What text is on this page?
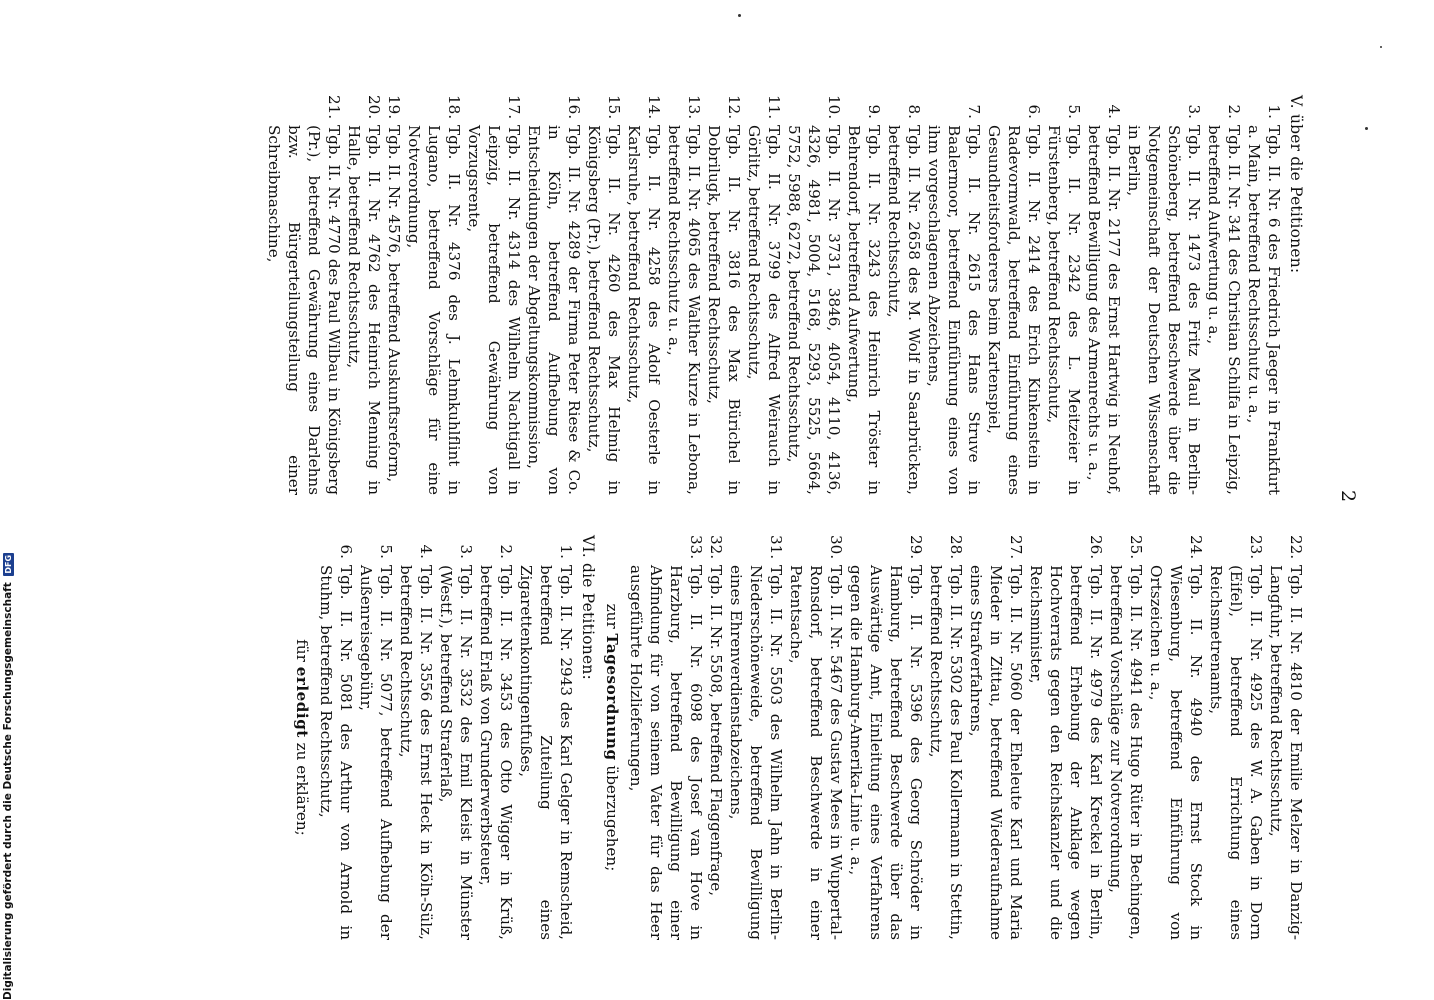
2
V. über die Petitionen:
1.
Tgb. II. Nr. 6 des Friedrich Jaeger in Frankfurt a. Main, betreffend Rechtsschutz u. a.,
2.
Tgb. II. Nr. 341 des Christian Schilfa in Leipzig, betreffend Aufwertung u. a.,
3.
Tgb. II. Nr. 1473 des Fritz Maul in Berlin-Schöneberg, betreffend Beschwerde über die Notgemeinschaft der Deutschen Wissenschaft in Berlin,
4.
Tgb. II. Nr. 2177 des Ernst Hartwig in Neuhof, betreffend Bewilligung des Armenrechts u. a.,
5.
Tgb. II. Nr. 2342 des L. Meitzeier in Fürstenberg, betreffend Rechtsschutz,
6.
Tgb. II. Nr. 2414 des Erich Kinkenstein in Radevormwald, betreffend Einführung eines Gesundheitsforderers beim Kartenspiel,
7.
Tgb. II. Nr. 2615 des Hans Struve in Baalermoor, betreffend Einführung eines von ihm vorgeschlagenen Abzeichens,
8.
Tgb. II. Nr. 2658 des M. Wolf in Saarbrücken, betreffend Rechtsschutz,
9.
Tgb. II. Nr. 3243 des Heinrich Tröster in Behrendorf, betreffend Aufwertung,
10.
Tgb. II. Nr. 3731, 3846, 4054, 4110, 4136, 4326, 4981, 5004, 5168, 5293, 5525, 5664, 5752, 5988, 6272, betreffend Rechtsschutz,
11.
Tgb. II. Nr. 3799 des Alfred Weirauch in Görlitz, betreffend Rechtsschutz,
12.
Tgb. II. Nr. 3816 des Max Bürichel in Dobrilugk, betreffend Rechtsschutz,
13.
Tgb. II. Nr. 4065 des Walther Kurze in Lebona, betreffend Rechtsschutz u. a.,
14.
Tgb. II. Nr. 4258 des Adolf Oesterle in Karlsruhe, betreffend Rechtsschutz,
15.
Tgb. II. Nr. 4260 des Max Helmig in Königsberg (Pr.), betreffend Rechtsschutz,
16.
Tgb. II. Nr. 4289 der Firma Peter Riese & Co. in Köln, betreffend Aufhebung von Entscheidungen der Abgeltungskommission,
17.
Tgb. II. Nr. 4314 des Wilhelm Nachtigall in Leipzig, betreffend Gewährung von Vorzugsrente,
18.
Tgb. II. Nr. 4376 des J. Lehmkuhlflint in Lugano, betreffend Vorschläge für eine Notverordnung,
19.
Tgb. II. Nr. 4576, betreffend Auskunftsreform,
20.
Tgb. II. Nr. 4762 des Heinrich Menning in Halle, betreffend Rechtsschutz,
21.
Tgb. II. Nr. 4770 des Paul Wilbau in Königsberg (Pr.), betreffend Gewährung eines Darlehns bzw. Bürgerteilungsteilung einer Schreibmaschine,
22.
Tgb. II. Nr. 4810 der Emilie Melzer in Danzig-Langfuhr, betreffend Rechtsschutz,
23.
Tgb. II. Nr. 4925 des W. A. Gaben in Dorn (Eifel), betreffend Errichtung eines Reichsmetrenamts,
24.
Tgb. II. Nr. 4940 des Ernst Stock in Wiesenburg, betreffend Einführung von Ortszeichen u. a.,
25.
Tgb. II. Nr. 4941 des Hugo Rüter in Bechingen, betreffend Vorschläge zur Notverordnung,
26.
Tgb. II. Nr. 4979 des Karl Kreckel in Berlin, betreffend Erhebung der Anklage wegen Hochverrats gegen den Reichskanzler und die Reichsminister,
27.
Tgb. II. Nr. 5060 der Eheleute Karl und Maria Mieder in Zittau, betreffend Wiederaufnahme eines Strafverfahrens,
28.
Tgb. II. Nr. 5302 des Paul Kollermann in Stettin, betreffend Rechtsschutz,
29.
Tgb. II. Nr. 5396 des Georg Schröder in Hamburg, betreffend Beschwerde über das Auswärtige Amt, Einleitung eines Verfahrens gegen die Hamburg-Amerika-Linie u. a.,
30.
Tgb. II. Nr. 5467 des Gustav Mees in Wuppertal-Ronsdorf, betreffend Beschwerde in einer Patentsache,
31.
Tgb. II. Nr. 5503 des Wilhelm Jahn in Berlin-Niederschöneweide, betreffend Bewilligung eines Ehrenverdienstabzeichens,
32.
Tgb. II. Nr. 5508, betreffend Flaggenfrage,
33.
Tgb. II. Nr. 6098 des Josef van Hove in Harzburg, betreffend Bewilligung einer Abfindung für von seinem Vater für das Heer ausgeführte Holzlieferungen,
zur Tagesordnung überzugehen;
VI. die Petitionen:
1.
Tgb. II. Nr. 2943 des Karl Gelger in Remscheid, betreffend Zuteilung eines Zigarettenkontingentfußes,
2.
Tgb. II. Nr. 3453 des Otto Wigger in Krüß, betreffend Erlaß von Grunderwerbsteuer,
3.
Tgb. II. Nr. 3532 des Emil Kleist in Münster (Westf.), betreffend Straferlaß,
4.
Tgb. II. Nr. 3556 des Ernst Heck in Köln-Sülz, betreffend Rechtsschutz,
5.
Tgb. II. Nr. 5077, betreffend Aufhebung der Außenreisegebühr,
6.
Tgb. II. Nr. 5081 des Arthur von Arnold in Stuhm, betreffend Rechtsschutz,
für erledigt zu erklären;
Digitalisierung gefördert durch die Deutsche Forschungsgemeinschaft DFG
